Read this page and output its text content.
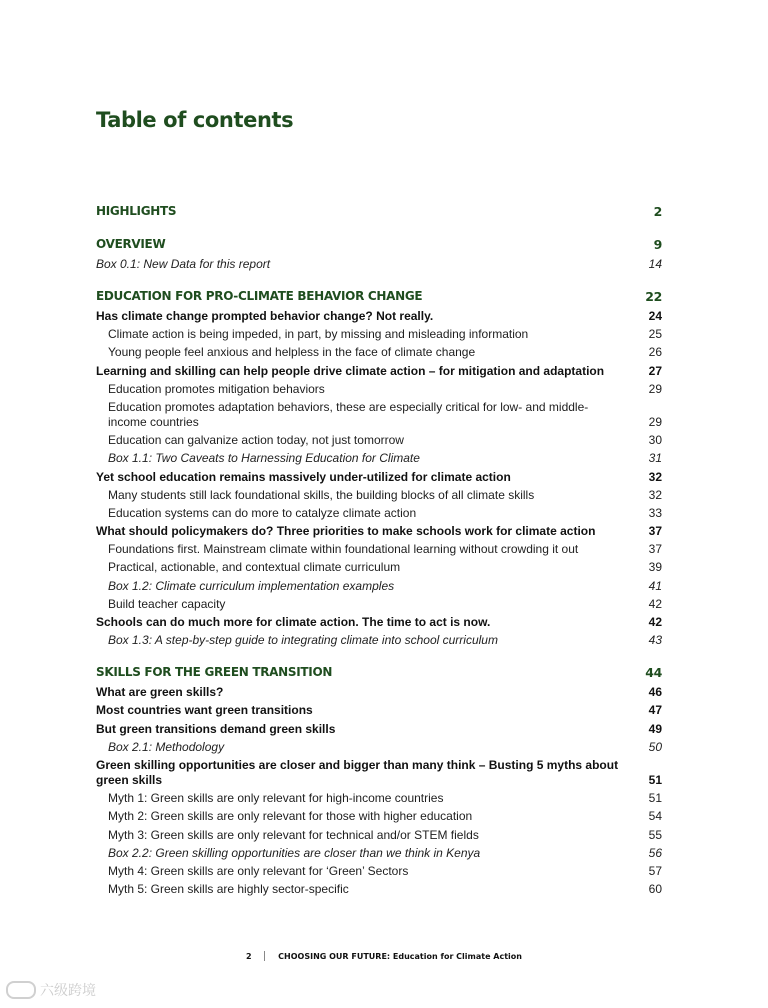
Table of contents
HIGHLIGHTS	2
OVERVIEW	9
Box 0.1: New Data for this report	14
EDUCATION FOR PRO-CLIMATE BEHAVIOR CHANGE	22
Has climate change prompted behavior change? Not really.	24
Climate action is being impeded, in part, by missing and misleading information	25
Young people feel anxious and helpless in the face of climate change	26
Learning and skilling can help people drive climate action – for mitigation and adaptation	27
Education promotes mitigation behaviors	29
Education promotes adaptation behaviors, these are especially critical for low- and middle-income countries	29
Education can galvanize action today, not just tomorrow	30
Box 1.1: Two Caveats to Harnessing Education for Climate	31
Yet school education remains massively under-utilized for climate action	32
Many students still lack foundational skills, the building blocks of all climate skills	32
Education systems can do more to catalyze climate action	33
What should policymakers do? Three priorities to make schools work for climate action	37
Foundations first. Mainstream climate within foundational learning without crowding it out	37
Practical, actionable, and contextual climate curriculum	39
Box 1.2: Climate curriculum implementation examples	41
Build teacher capacity	42
Schools can do much more for climate action. The time to act is now.	42
Box 1.3: A step-by-step guide to integrating climate into school curriculum	43
SKILLS FOR THE GREEN TRANSITION	44
What are green skills?	46
Most countries want green transitions	47
But green transitions demand green skills	49
Box 2.1: Methodology	50
Green skilling opportunities are closer and bigger than many think – Busting 5 myths about green skills	51
Myth 1: Green skills are only relevant for high-income countries	51
Myth 2: Green skills are only relevant for those with higher education	54
Myth 3: Green skills are only relevant for technical and/or STEM fields	55
Box 2.2: Green skilling opportunities are closer than we think in Kenya	56
Myth 4: Green skills are only relevant for ‘Green’ Sectors	57
Myth 5: Green skills are highly sector-specific	60
2	CHOOSING OUR FUTURE: Education for Climate Action
六级跨境
